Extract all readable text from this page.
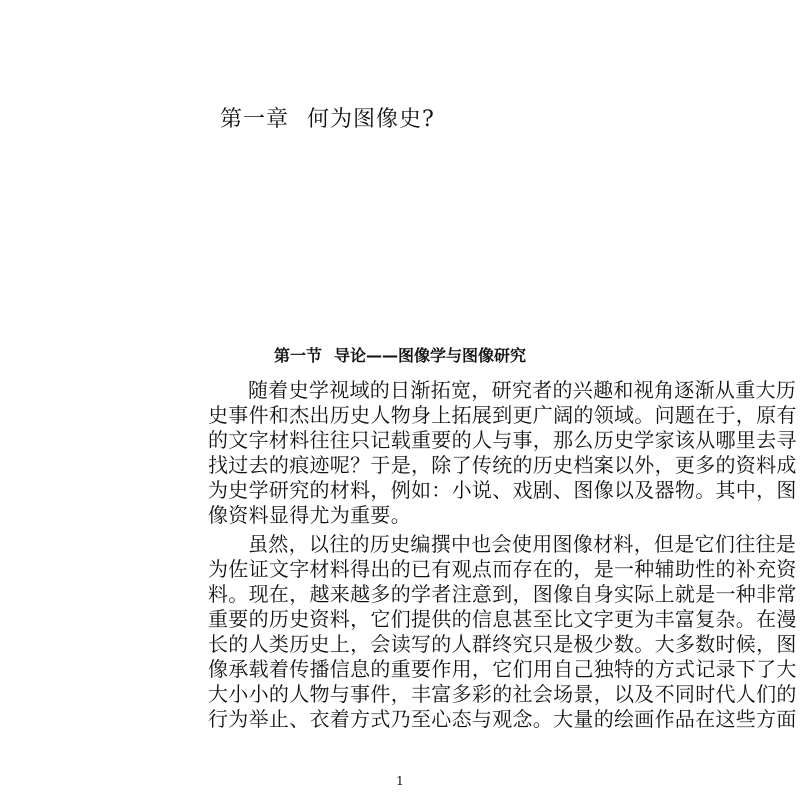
第一章 何为图像史?
第一节 导论——图像学与图像研究
随着史学视域的日渐拓宽，研究者的兴趣和视角逐渐从重大历
史事件和杰出历史人物身上拓展到更广阔的领域。问题在于，原有
的文字材料往往只记载重要的人与事，那么历史学家该从哪里去寻
找过去的痕迹呢？于是，除了传统的历史档案以外，更多的资料成
为史学研究的材料，例如：小说、戏剧、图像以及器物。其中，图
像资料显得尤为重要。
虽然，以往的历史编撰中也会使用图像材料，但是它们往往是
为佐证文字材料得出的已有观点而存在的，是一种辅助性的补充资
料。现在，越来越多的学者注意到，图像自身实际上就是一种非常
重要的历史资料，它们提供的信息甚至比文字更为丰富复杂。在漫
长的人类历史上，会读写的人群终究只是极少数。大多数时候，图
像承载着传播信息的重要作用，它们用自己独特的方式记录下了大
大小小的人物与事件，丰富多彩的社会场景，以及不同时代人们的
行为举止、衣着方式乃至心态与观念。大量的绘画作品在这些方面
1
